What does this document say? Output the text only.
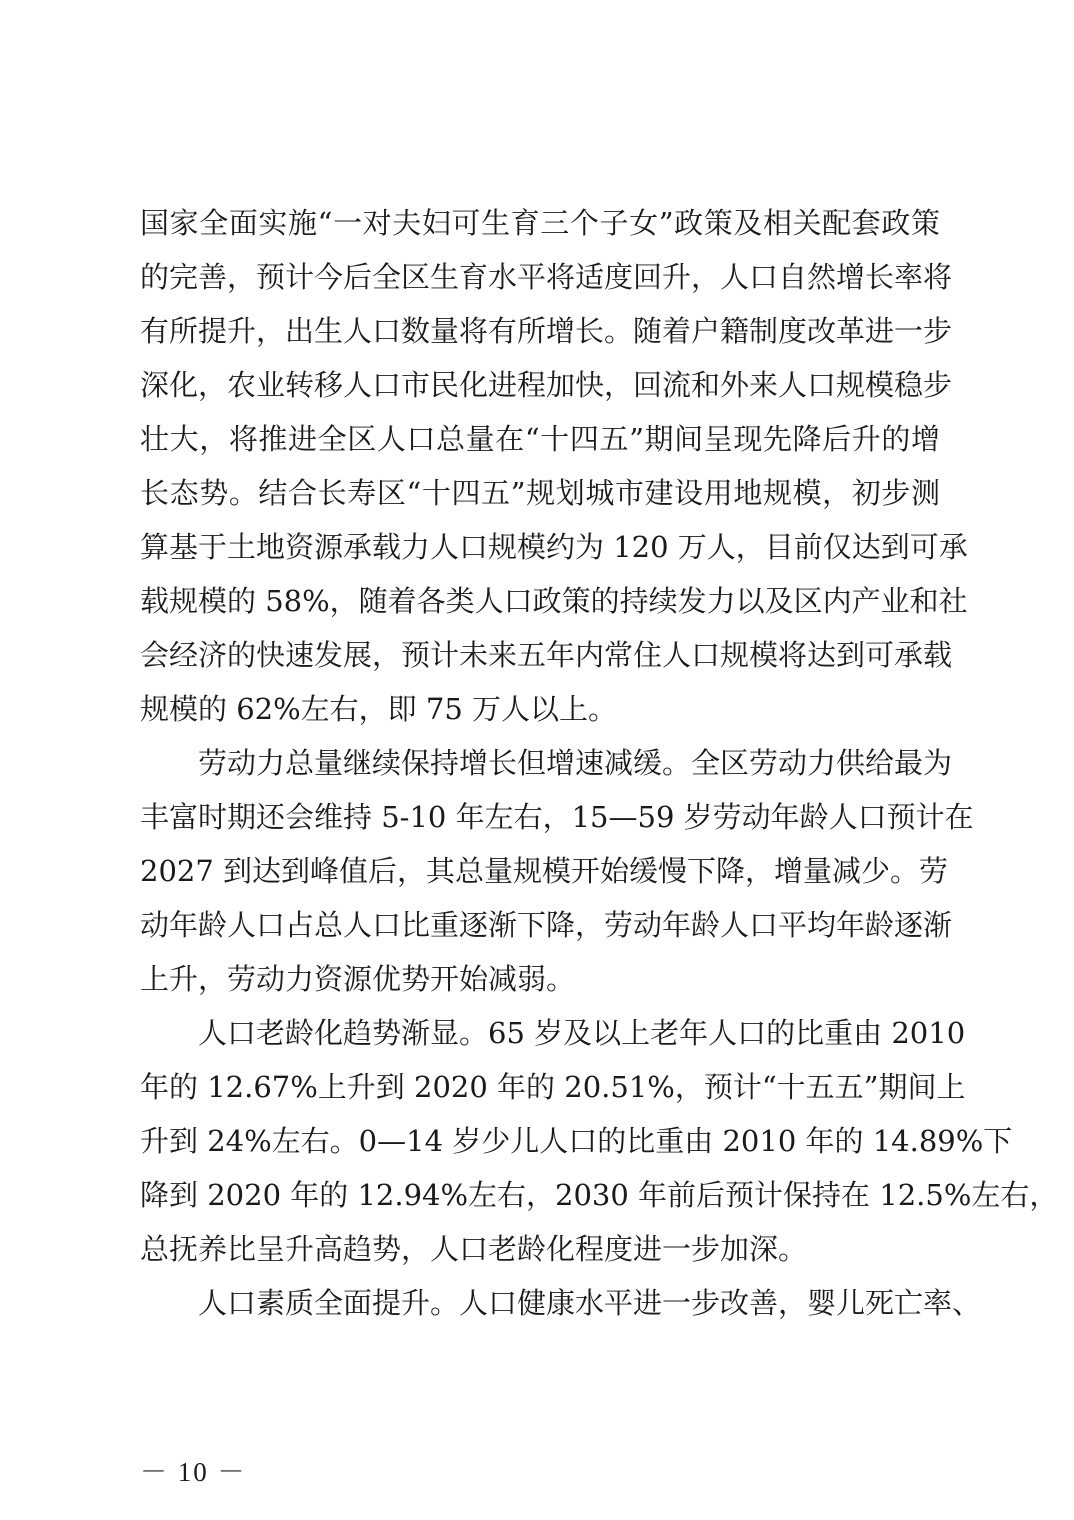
国家全面实施“一对夫妇可生育三个子女”政策及相关配套政策
的完善，预计今后全区生育水平将适度回升，人口自然增长率将
有所提升，出生人口数量将有所增长。随着户籍制度改革进一步
深化，农业转移人口市民化进程加快，回流和外来人口规模稳步
壮大，将推进全区人口总量在“十四五”期间呈现先降后升的增
长态势。结合长寿区“十四五”规划城市建设用地规模，初步测
算基于土地资源承载力人口规模约为 120 万人，目前仅达到可承
载规模的 58%，随着各类人口政策的持续发力以及区内产业和社
会经济的快速发展，预计未来五年内常住人口规模将达到可承载
规模的 62%左右，即 75 万人以上。
劳动力总量继续保持增长但增速减缓。全区劳动力供给最为
丰富时期还会维持 5-10 年左右，15—59 岁劳动年龄人口预计在
2027 到达到峰值后，其总量规模开始缓慢下降，增量减少。劳
动年龄人口占总人口比重逐渐下降，劳动年龄人口平均年龄逐渐
上升，劳动力资源优势开始减弱。
人口老龄化趋势渐显。65 岁及以上老年人口的比重由 2010
年的 12.67%上升到 2020 年的 20.51%，预计“十五五”期间上
升到 24%左右。0—14 岁少儿人口的比重由 2010 年的 14.89%下
降到 2020 年的 12.94%左右，2030 年前后预计保持在 12.5%左右，
总抚养比呈升高趋势，人口老龄化程度进一步加深。
人口素质全面提升。人口健康水平进一步改善，婴儿死亡率、
－ 10 －
